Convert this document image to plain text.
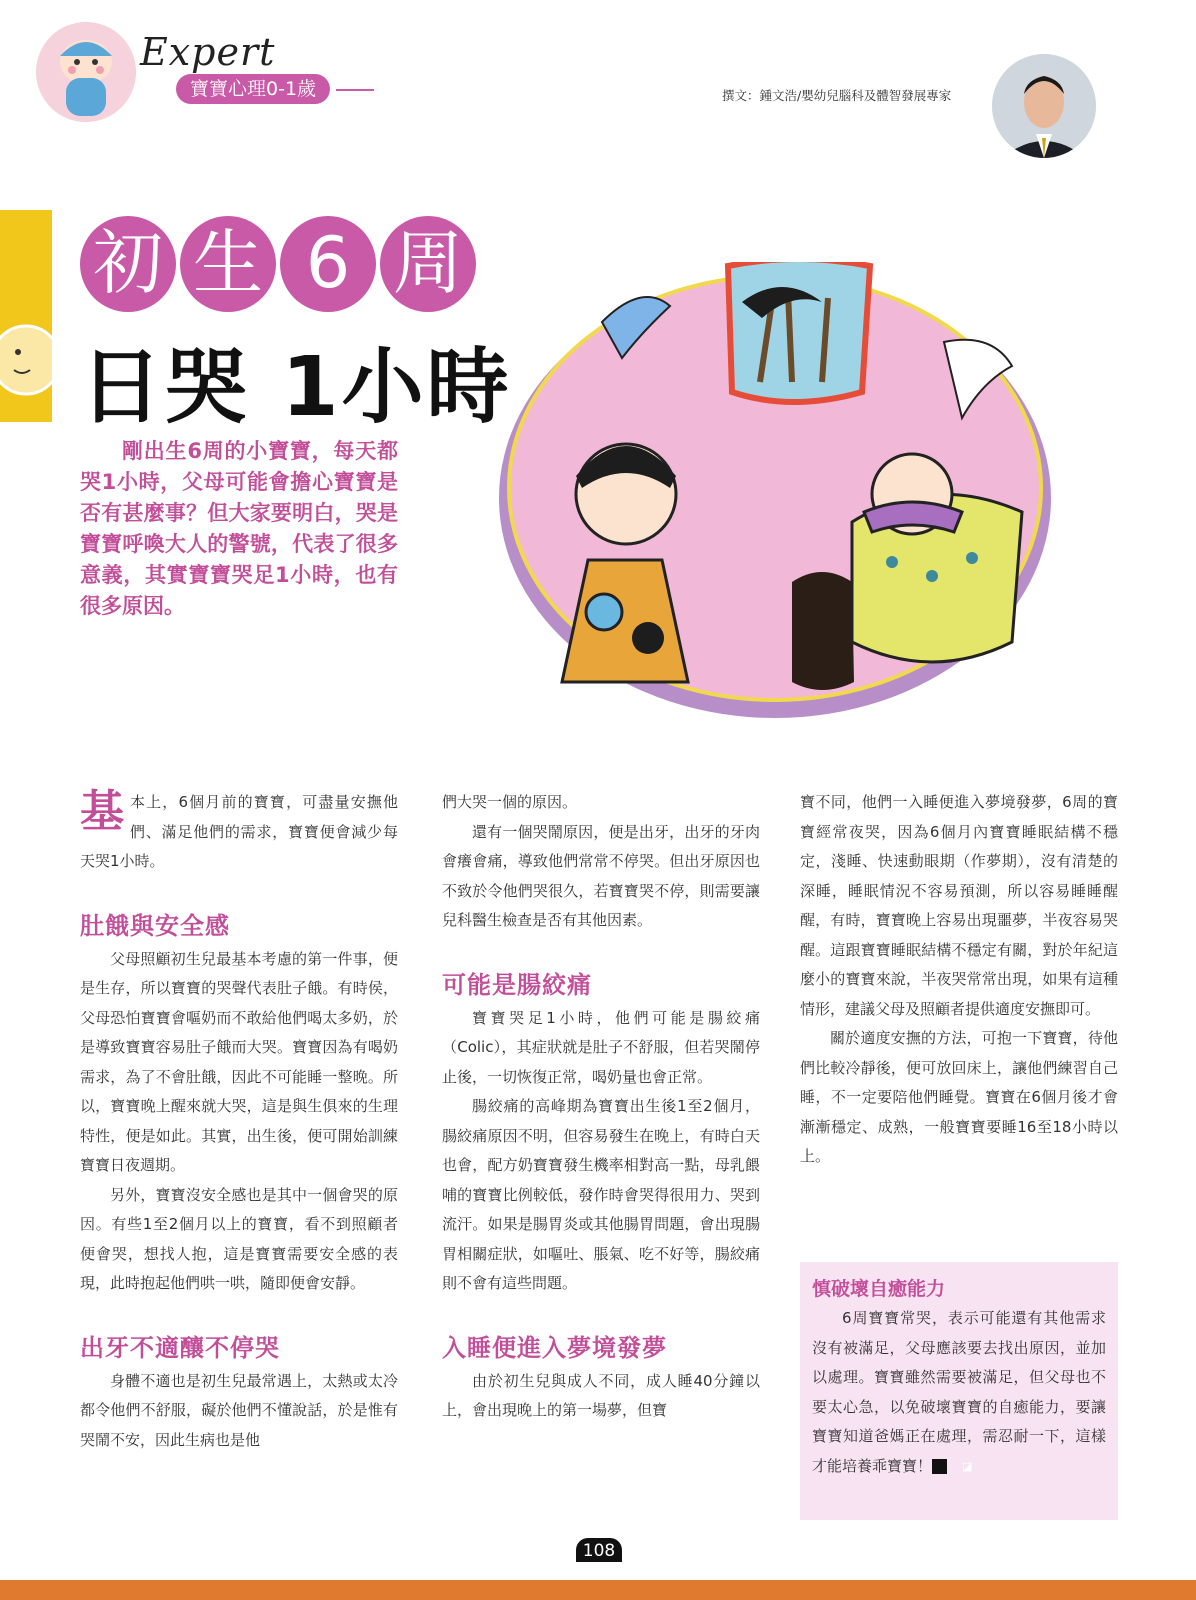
Expert
寶寶心理0-1歲	撰文：鍾文浩/嬰幼兒腦科及體智發展專家
初 生 6 周
日哭 1小時
剛出生6周的小寶寶，每天都哭1小時，父母可能會擔心寶寶是否有甚麼事？但大家要明白，哭是寶寶呼喚大人的警號，代表了很多意義，其實寶寶哭足1小時，也有很多原因。

基本上，6個月前的寶寶，可盡量安撫他們、滿足他們的需求，寶寶便會減少每天哭1小時。

肚餓與安全感

父母照顧初生兒最基本考慮的第一件事，便是生存，所以寶寶的哭聲代表肚子餓。有時侯，父母恐怕寶寶會嘔奶而不敢給他們喝太多奶，於是導致寶寶容易肚子餓而大哭。寶寶因為有喝奶需求，為了不會肚餓，因此不可能睡一整晚。所以，寶寶晚上醒來就大哭，這是與生俱來的生理特性，便是如此。其實，出生後，便可開始訓練寶寶日夜週期。

另外，寶寶沒安全感也是其中一個會哭的原因。有些1至2個月以上的寶寶，看不到照顧者便會哭，想找人抱，這是寶寶需要安全感的表現，此時抱起他們哄一哄，隨即便會安靜。

出牙不適釀不停哭

身體不適也是初生兒最常遇上，太熱或太冷都令他們不舒服，礙於他們不懂說話，於是惟有哭鬧不安，因此生病也是他

們大哭一個的原因。

還有一個哭鬧原因，便是出牙，出牙的牙肉會癢會痛，導致他們常常不停哭。但出牙原因也不致於令他們哭很久，若寶寶哭不停，則需要讓兒科醫生檢查是否有其他因素。

可能是腸絞痛

寶寶哭足1小時，他們可能是腸絞痛（Colic），其症狀就是肚子不舒服，但若哭鬧停止後，一切恢復正常，喝奶量也會正常。

腸絞痛的高峰期為寶寶出生後1至2個月，腸絞痛原因不明，但容易發生在晚上，有時白天也會，配方奶寶寶發生機率相對高一點，母乳餵哺的寶寶比例較低，發作時會哭得很用力、哭到流汗。如果是腸胃炎或其他腸胃問題，會出現腸胃相關症狀，如嘔吐、脹氣、吃不好等，腸絞痛則不會有這些問題。

入睡便進入夢境發夢

由於初生兒與成人不同，成人睡40分鐘以上，會出現晚上的第一場夢，但寶

寶不同，他們一入睡便進入夢境發夢，6周的寶寶經常夜哭，因為6個月內寶寶睡眠結構不穩定，淺睡、快速動眼期（作夢期），沒有清楚的深睡，睡眠情況不容易預測，所以容易睡睡醒醒，有時，寶寶晚上容易出現噩夢，半夜容易哭醒。這跟寶寶睡眠結構不穩定有關，對於年紀這麼小的寶寶來說，半夜哭常常出現，如果有這種情形，建議父母及照顧者提供適度安撫即可。

關於適度安撫的方法，可抱一下寶寶，待他們比較冷靜後，便可放回床上，讓他們練習自己睡，不一定要陪他們睡覺。寶寶在6個月後才會漸漸穩定、成熟，一般寶寶要睡16至18小時以上。

慎破壞自癒能力

6周寶寶常哭，表示可能還有其他需求沒有被滿足，父母應該要去找出原因，並加以處理。寶寶雖然需要被滿足，但父母也不要太心急，以免破壞寶寶的自癒能力，要讓寶寶知道爸媽正在處理，需忍耐一下，這樣才能培養乖寶寶！	◪

108
